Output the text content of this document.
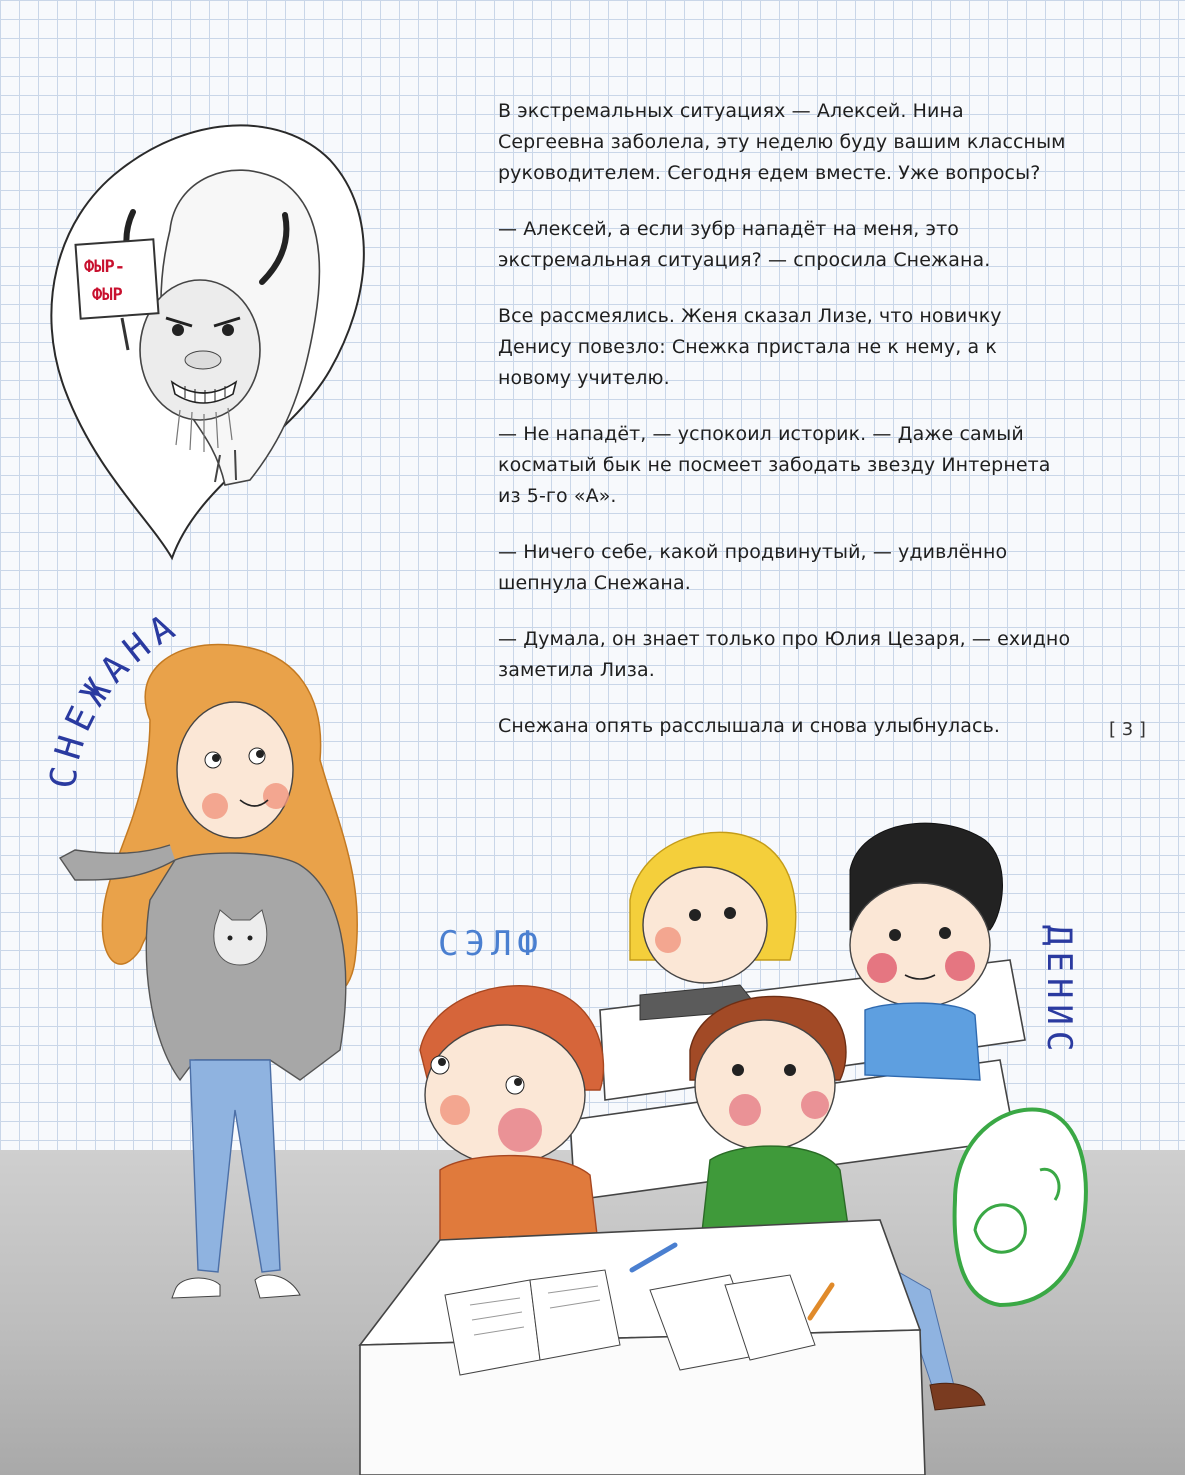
В экстремальных ситуациях — Алексей. Нина Сергеевна заболела, эту неделю буду вашим классным руководителем. Сегодня едем вместе. Уже вопросы?

— Алексей, а если зубр нападёт на меня, это экстремальная ситуация? — спросила Снежана.

Все рассмеялись. Женя сказал Лизе, что новичку Денису повезло: Снежка пристала не к нему, а к новому учителю.

— Не нападёт, — успокоил историк. — Даже самый косматый бык не посмеет забодать звезду Интернета из 5-го «А».

— Ничего себе, какой продвинутый, — удивлённо шепнула Снежана.

— Думала, он знает только про Юлия Цезаря, — ехидно заметила Лиза.

Снежана опять расслышала и снова улыбнулась.	[ 3 ]
ФЫР-
ФЫР
СНЕЖАНА
СЭЛФ	ДЕНИС
